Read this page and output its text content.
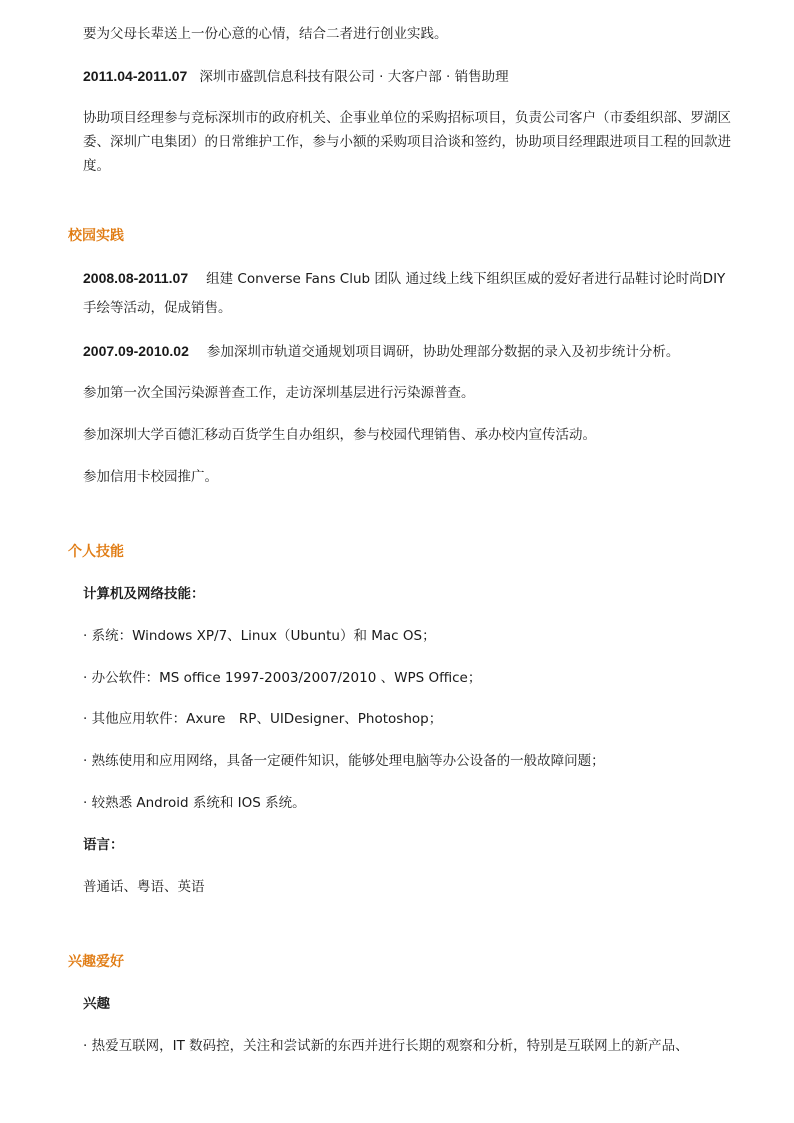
要为父母长辈送上一份心意的心情，结合二者进行创业实践。
2011.04-2011.07 深圳市盛凯信息科技有限公司 · 大客户部 · 销售助理
协助项目经理参与竞标深圳市的政府机关、企事业单位的采购招标项目，负责公司客户（市委组织部、罗湖区委、深圳广电集团）的日常维护工作，参与小额的采购项目洽谈和签约，协助项目经理跟进项目工程的回款进度。
校园实践
2008.08-2011.07 组建 Converse Fans Club 团队 通过线上线下组织匡威的爱好者进行品鞋讨论时尚DIY
手绘等活动，促成销售。
2007.09-2010.02 参加深圳市轨道交通规划项目调研，协助处理部分数据的录入及初步统计分析。
参加第一次全国污染源普查工作，走访深圳基层进行污染源普查。
参加深圳大学百德汇移动百货学生自办组织，参与校园代理销售、承办校内宣传活动。
参加信用卡校园推广。
个人技能
计算机及网络技能：
· 系统：Windows XP/7、Linux（Ubuntu）和 Mac OS；
· 办公软件：MS office 1997-2003/2007/2010 、WPS Office；
· 其他应用软件：Axure　RP、UIDesigner、Photoshop；
· 熟练使用和应用网络，具备一定硬件知识，能够处理电脑等办公设备的一般故障问题；
· 较熟悉 Android 系统和 IOS 系统。
语言：
普通话、粤语、英语
兴趣爱好
兴趣
· 热爱互联网，IT 数码控，关注和尝试新的东西并进行长期的观察和分析，特别是互联网上的新产品、
